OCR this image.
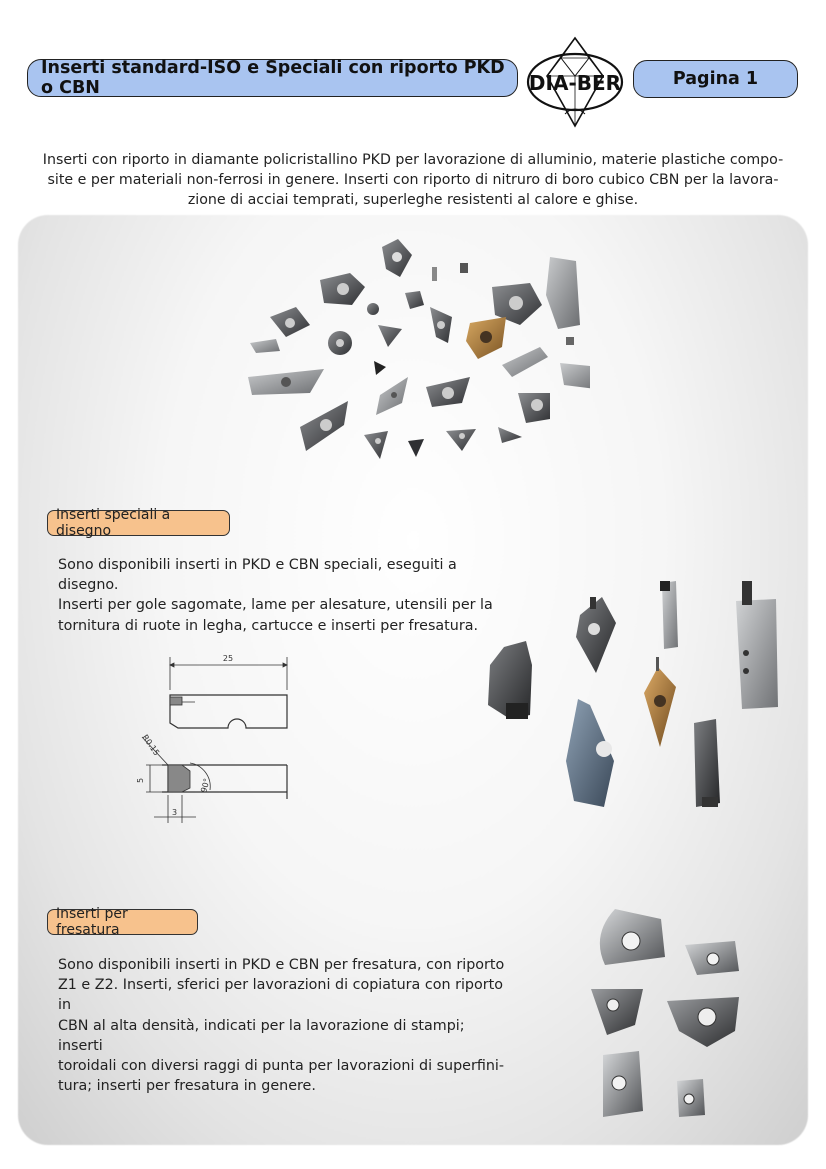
Inserti standard-ISO e Speciali con riporto PKD o CBN	DIA-BER	Pagina 1
Inserti con riporto in diamante policristallino PKD per lavorazione di alluminio, materie plastiche compo-
site e per materiali non-ferrosi in genere. Inserti con riporto di nitruro di boro cubico CBN per la lavora-
zione di acciai temprati, superleghe resistenti al calore e ghise.
Inserti speciali a disegno
Sono disponibili inserti in PKD e CBN speciali, eseguiti a disegno.
Inserti per gole sagomate, lame per alesature, utensili per la
tornitura di ruote in legha, cartucce e inserti per fresatura.
25
R0.15
5
3
90°
Inserti per fresatura
Sono disponibili inserti in PKD e CBN per fresatura, con riporto
Z1 e Z2. Inserti, sferici per lavorazioni di copiatura con riporto in
CBN al alta densità, indicati per la lavorazione di stampi; inserti
toroidali con diversi raggi di punta per lavorazioni di superfini-
tura; inserti per fresatura in genere.
